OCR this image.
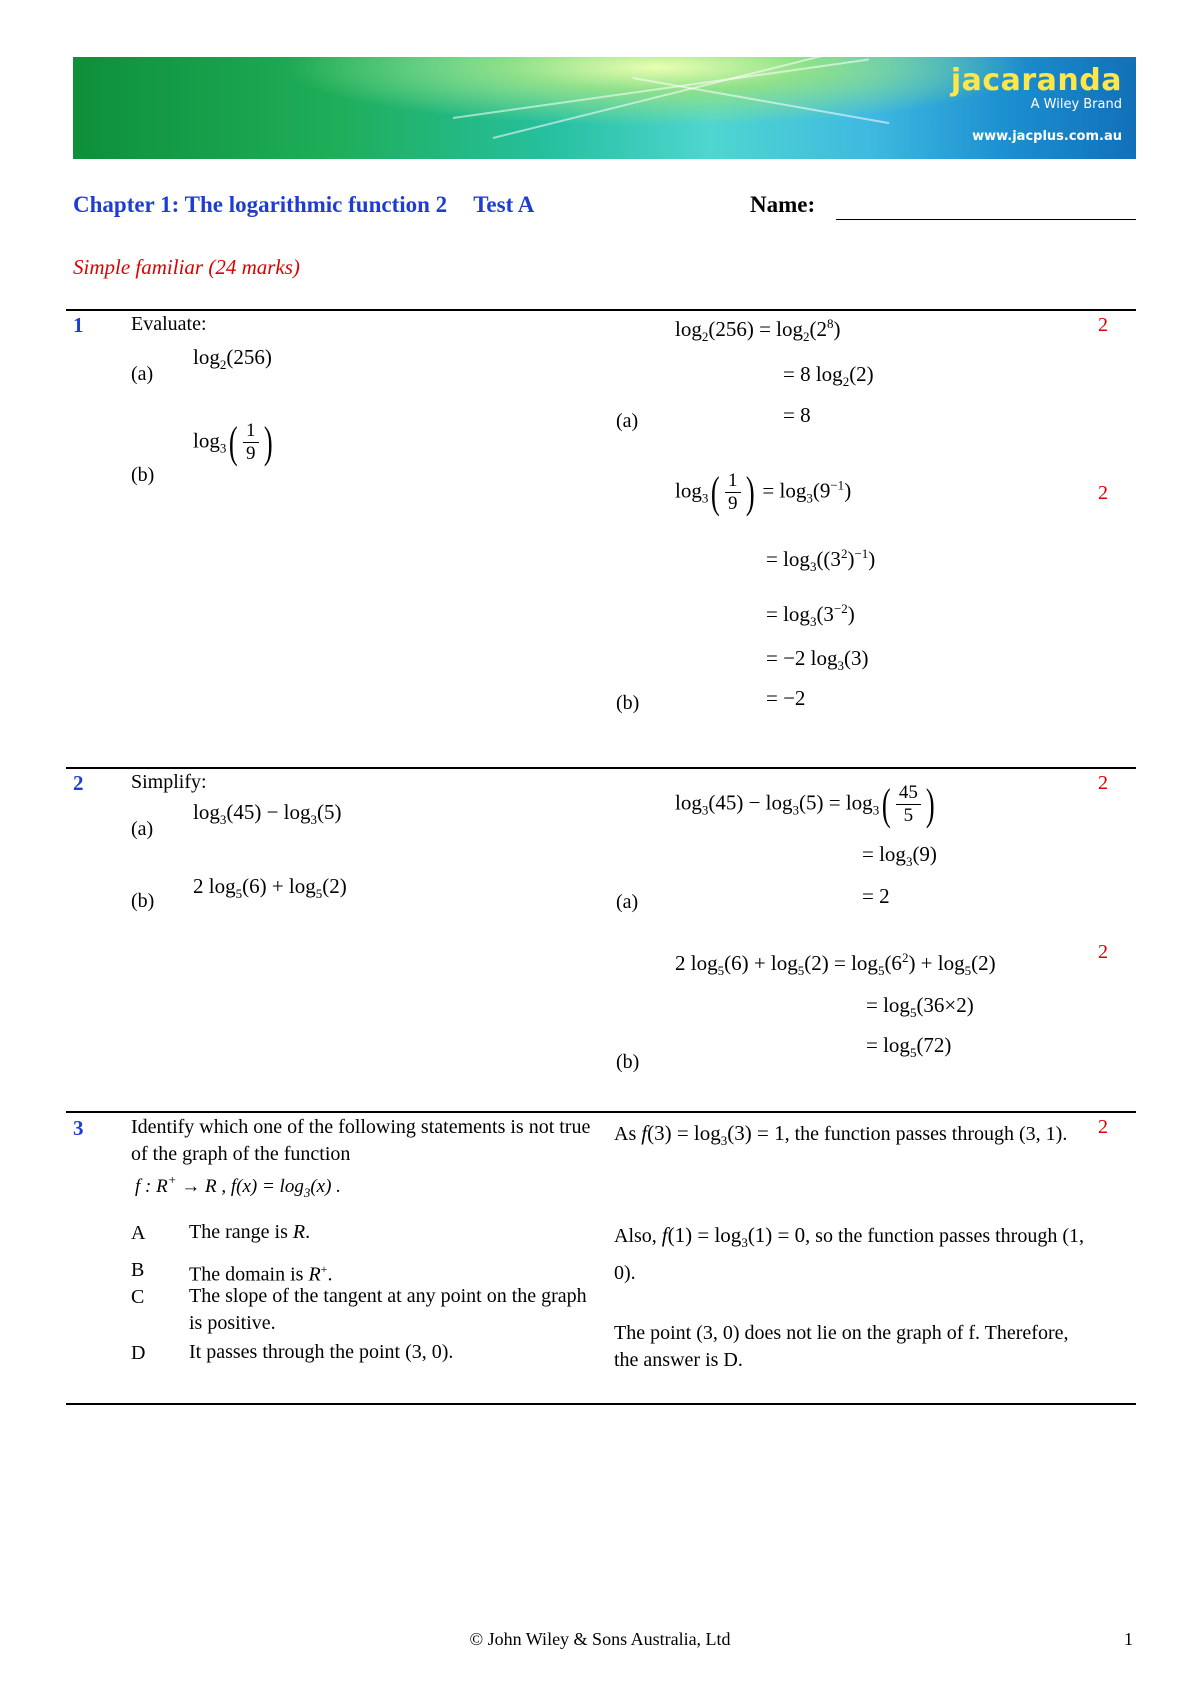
jacaranda
A Wiley Brand
www.jacplus.com.au
Chapter 1: The logarithmic function 2 Test A	Name:
Simple familiar (24 marks)
1 Evaluate:
(a)
$\log_2(256)$
(b)
$\log_3( \frac{1}{9}$ )
$\log_2(256) = \log_2(2^8)$
= 8 $\log_2(2)$
= 8
(a)
2
$\log_3( \frac{1}{9}$ ) = $\log_3(9^{-1})$
= $\log_3((3^2)^{-1})$
= $\log_3(3^{-2})$
= −2 $\log_3(3)$
= −2
(b)
2
2 Simplify:
(a)
$\log_3(45) - \log_3(5)$
(b)
2 $\log_5(6) + \log_5(2)$
$\log_3(45) - \log_3(5) = \log_3( \frac{45}{5}$ )
= $\log_3(9)$
= 2
(a)
2
2 $\log_5(6) + \log_5(2) = \log_5(6^2) + \log_5(2)$
= $\log_5(36\times 2)$
= $\log_5(72)$
(b)
2
3 Identify which one of the following statements is not true of the graph of the function
f : R+ → R , $f(x) = \log_3(x)$ .
A The range is R.
B The domain is R+.
C The slope of the tangent at any point on the graph is positive.
D It passes through the point (3, 0).
As $f(3) = \log_3(3) = 1$, the function passes through (3, 1).
Also, $f(1) = \log_3(1) = 0$, so the function passes through (1, 0).
The point (3, 0) does not lie on the graph of f. Therefore, the answer is D.
2
© John Wiley & Sons Australia, Ltd	1
